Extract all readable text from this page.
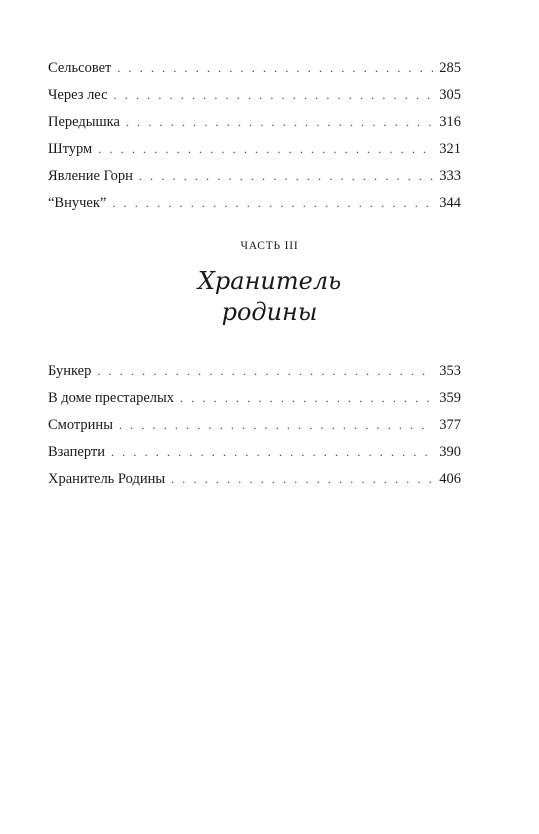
Сельсовет . . .	285
Через лес . . .	305
Передышка . . .	316
Штурм . . .	321
Явление Горн . . .	333
“Внучек” . . .	344
ЧАСТЬ III
Хранитель
родины
Бункер . . .	353
В доме престарелых . . .	359
Смотрины . . .	377
Взаперти . . .	390
Хранитель Родины . . .	406
